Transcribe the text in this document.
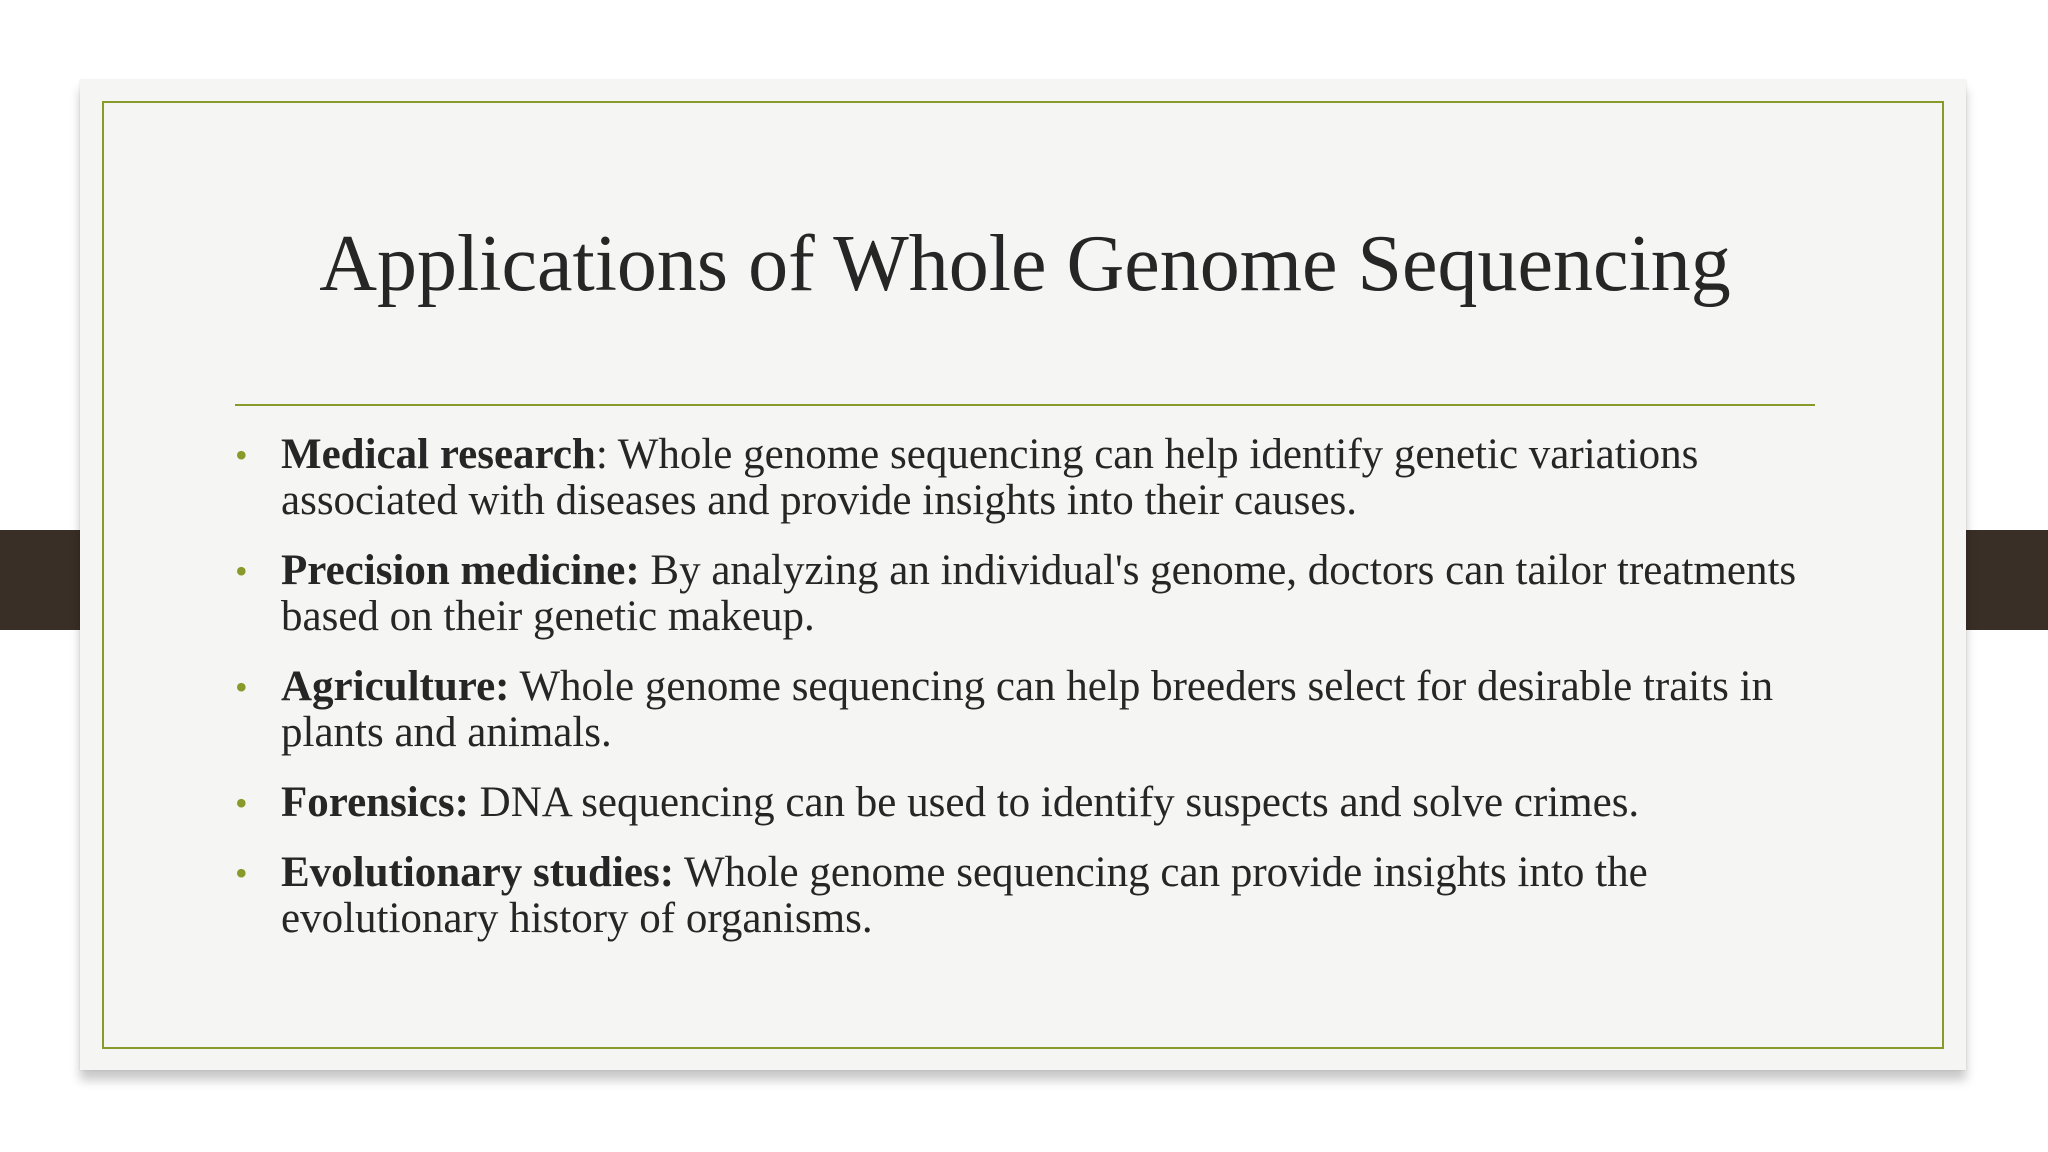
Applications of Whole Genome Sequencing
• Medical research: Whole genome sequencing can help identify genetic variations associated with diseases and provide insights into their causes.
• Precision medicine: By analyzing an individual's genome, doctors can tailor treatments based on their genetic makeup.
• Agriculture: Whole genome sequencing can help breeders select for desirable traits in plants and animals.
• Forensics: DNA sequencing can be used to identify suspects and solve crimes.
• Evolutionary studies: Whole genome sequencing can provide insights into the evolutionary history of organisms.
